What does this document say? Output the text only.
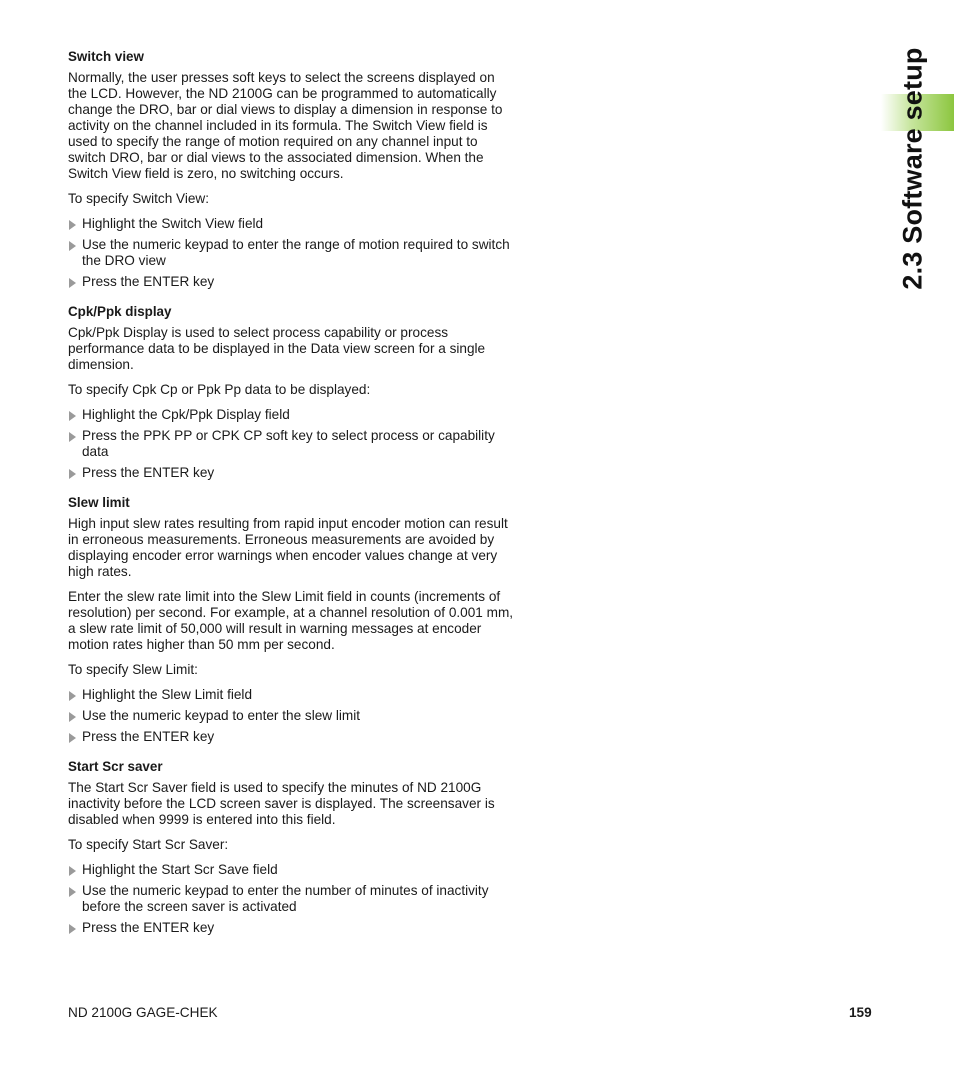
2.3 Software setup
Switch view
Normally, the user presses soft keys to select the screens displayed on the LCD. However, the ND 2100G can be programmed to automatically change the DRO, bar or dial views to display a dimension in response to activity on the channel included in its formula. The Switch View field is used to specify the range of motion required on any channel input to switch DRO, bar or dial views to the associated dimension. When the Switch View field is zero, no switching occurs.
To specify Switch View:
Highlight the Switch View field
Use the numeric keypad to enter the range of motion required to switch the DRO view
Press the ENTER key
Cpk/Ppk display
Cpk/Ppk Display is used to select process capability or process performance data to be displayed in the Data view screen for a single dimension.
To specify Cpk Cp or Ppk Pp data to be displayed:
Highlight the Cpk/Ppk Display field
Press the PPK PP or CPK CP soft key to select process or capability data
Press the ENTER key
Slew limit
High input slew rates resulting from rapid input encoder motion can result in erroneous measurements. Erroneous measurements are avoided by displaying encoder error warnings when encoder values change at very high rates.
Enter the slew rate limit into the Slew Limit field in counts (increments of resolution) per second. For example, at a channel resolution of 0.001 mm, a slew rate limit of 50,000 will result in warning messages at encoder motion rates higher than 50 mm per second.
To specify Slew Limit:
Highlight the Slew Limit field
Use the numeric keypad to enter the slew limit
Press the ENTER key
Start Scr saver
The Start Scr Saver field is used to specify the minutes of ND 2100G inactivity before the LCD screen saver is displayed. The screensaver is disabled when 9999 is entered into this field.
To specify Start Scr Saver:
Highlight the Start Scr Save field
Use the numeric keypad to enter the number of minutes of inactivity before the screen saver is activated
Press the ENTER key
ND 2100G GAGE-CHEK	159
